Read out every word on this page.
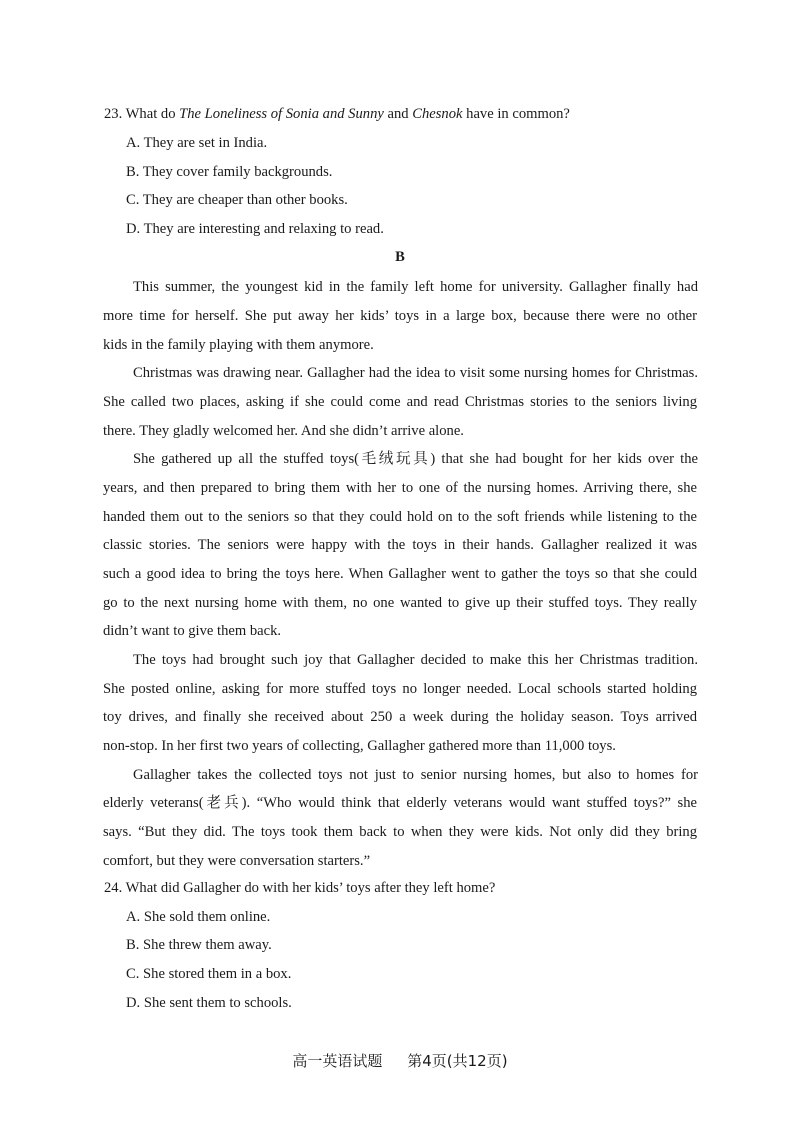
23. What do The Loneliness of Sonia and Sunny and Chesnok have in common?

A. They are set in India.

B. They cover family backgrounds.

C. They are cheaper than other books.

D. They are interesting and relaxing to read.

B

This summer, the youngest kid in the family left home for university. Gallagher finally had

more time for herself. She put away her kids’ toys in a large box, because there were no other

kids in the family playing with them anymore.

Christmas was drawing near. Gallagher had the idea to visit some nursing homes for Christmas.

She called two places, asking if she could come and read Christmas stories to the seniors living

there. They gladly welcomed her. And she didn’t arrive alone.

She gathered up all the stuffed toys(毛绒玩具) that she had bought for her kids over the

years, and then prepared to bring them with her to one of the nursing homes. Arriving there, she

handed them out to the seniors so that they could hold on to the soft friends while listening to the

classic stories. The seniors were happy with the toys in their hands. Gallagher realized it was

such a good idea to bring the toys here. When Gallagher went to gather the toys so that she could

go to the next nursing home with them, no one wanted to give up their stuffed toys. They really

didn’t want to give them back.

The toys had brought such joy that Gallagher decided to make this her Christmas tradition.

She posted online, asking for more stuffed toys no longer needed. Local schools started holding

toy drives, and finally she received about 250 a week during the holiday season. Toys arrived

non-stop. In her first two years of collecting, Gallagher gathered more than 11,000 toys.

Gallagher takes the collected toys not just to senior nursing homes, but also to homes for

elderly veterans(老兵). “Who would think that elderly veterans would want stuffed toys?” she

says. “But they did. The toys took them back to when they were kids. Not only did they bring

comfort, but they were conversation starters.”

24. What did Gallagher do with her kids’ toys after they left home?

A. She sold them online.

B. She threw them away.

C. She stored them in a box.

D. She sent them to schools.

高一英语试题 第4页(共12页)
